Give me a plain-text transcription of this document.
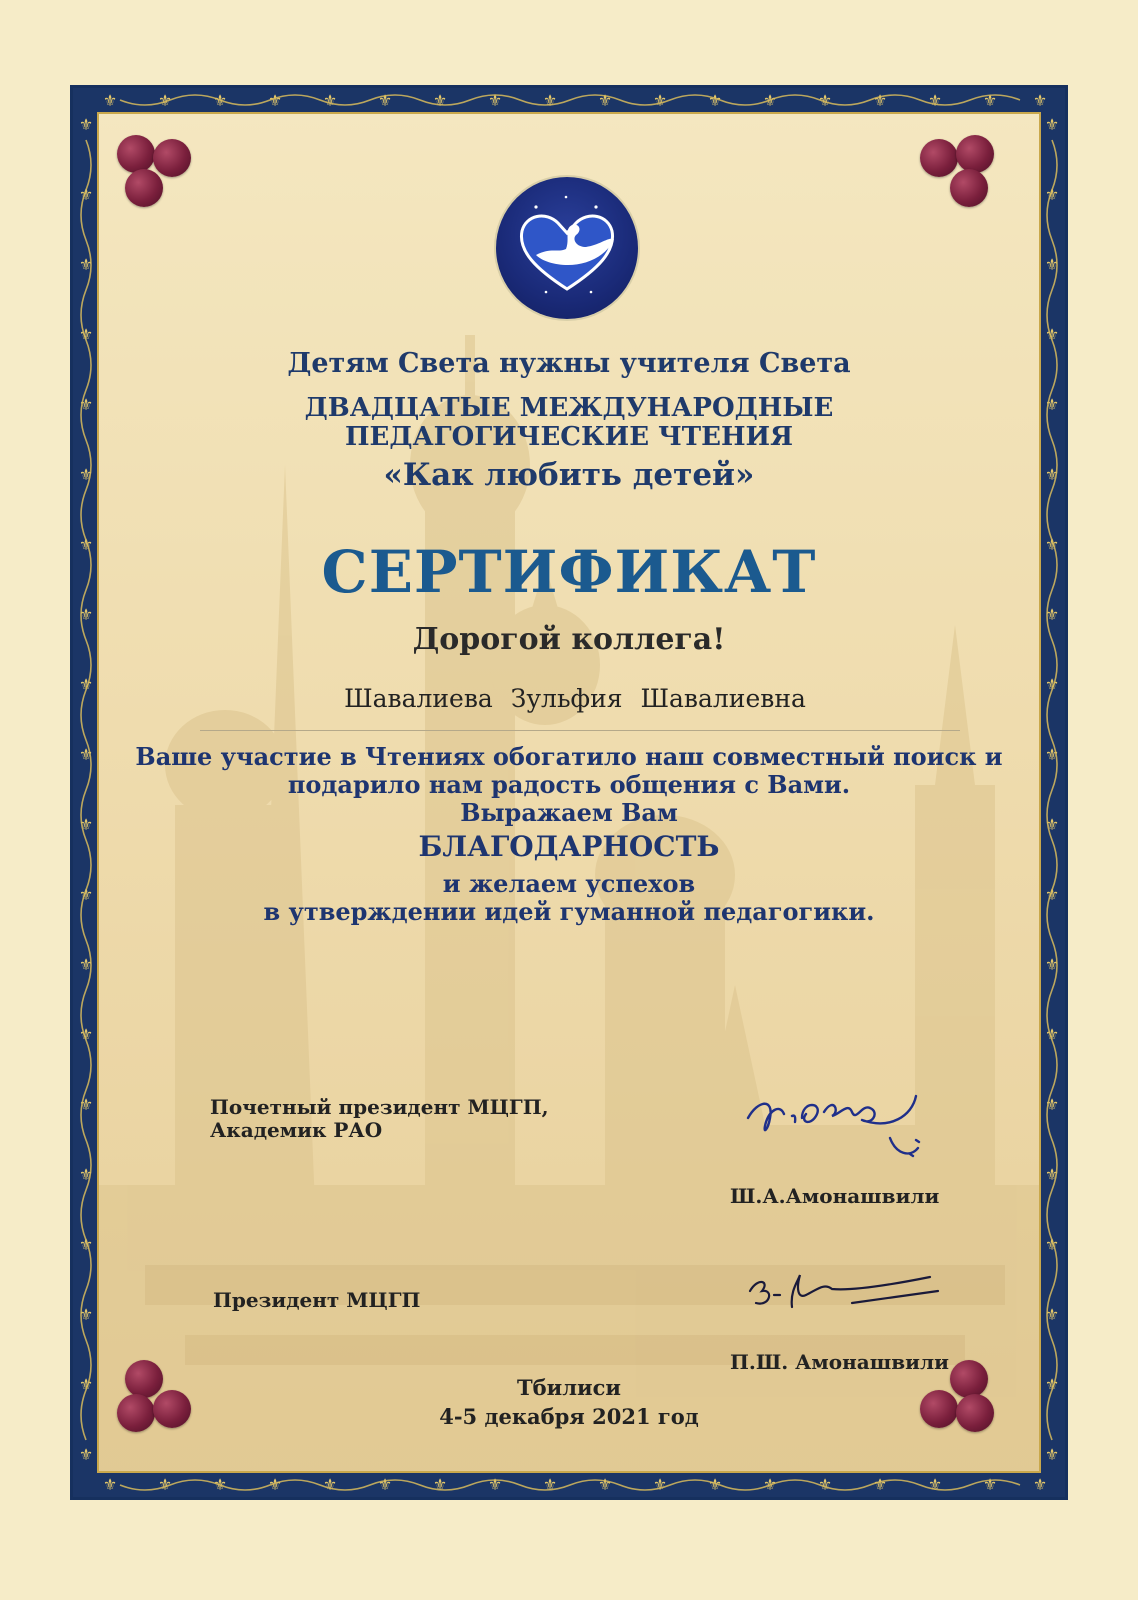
⚜	⚜	⚜	⚜	⚜	⚜	⚜	⚜	⚜	⚜	⚜	⚜	⚜	⚜	⚜	⚜	⚜ ⚜
⚜	⚜	⚜	⚜	⚜	⚜	⚜	⚜	⚜	⚜	⚜	⚜	⚜	⚜	⚜	⚜	⚜ ⚜
⚜
⚜
⚜
⚜
⚜
⚜
⚜
⚜
⚜
⚜
⚜
⚜
⚜
⚜
⚜
⚜
⚜
⚜
⚜
⚜
⚜
⚜
⚜
⚜
⚜
⚜
⚜
⚜
⚜
⚜
⚜
⚜
⚜
⚜
⚜
⚜
⚜
⚜
⚜
⚜
Детям Света нужны учителя Света
ДВАДЦАТЫЕ МЕЖДУНАРОДНЫЕ
ПЕДАГОГИЧЕСКИЕ ЧТЕНИЯ
«Как любить детей»
СЕРТИФИКАТ
Дорогой коллега!
Шавалиева Зульфия Шавалиевна
Ваше участие в Чтениях обогатило наш совместный поиск и
подарило нам радость общения с Вами.
Выражаем Вам
БЛАГОДАРНОСТЬ
и желаем успехов
в утверждении идей гуманной педагогики.
Почетный президент МЦГП,
Академик РАО
Ш.А.Амонашвили
Президент МЦГП
П.Ш. Амонашвили
Тбилиси
4-5 декабря 2021 год
